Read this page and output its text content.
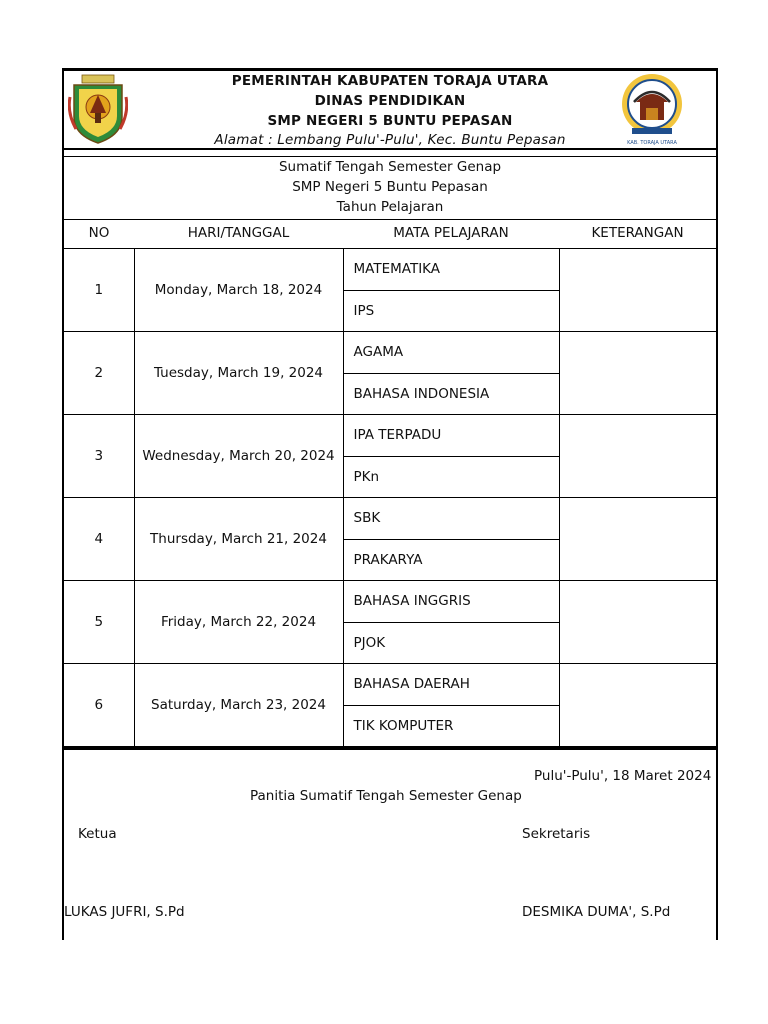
PEMERINTAH KABUPATEN TORAJA UTARA
DINAS PENDIDIKAN
SMP NEGERI 5 BUNTU PEPASAN
Alamat : Lembang Pulu'-Pulu', Kec. Buntu Pepasan	KAB. TORAJA UTARA
Sumatif Tengah Semester Genap
SMP Negeri 5 Buntu Pepasan
Tahun Pelajaran
NO	HARI/TANGGAL	MATA PELAJARAN	KETERANGAN
1	Monday, March 18, 2024	MATEMATIKA	
		IPS	
2	Tuesday, March 19, 2024	AGAMA	
		BAHASA INDONESIA	
3	Wednesday, March 20, 2024	IPA TERPADU	
		PKn	
4	Thursday, March 21, 2024	SBK	
		PRAKARYA	
5	Friday, March 22, 2024	BAHASA INGGRIS	
		PJOK	
6	Saturday, March 23, 2024	BAHASA DAERAH	
		TIK KOMPUTER	
Pulu'-Pulu', 18 Maret 2024
Panitia Sumatif Tengah Semester Genap
Ketua	Sekretaris
LUKAS JUFRI, S.Pd	DESMIKA DUMA', S.Pd
